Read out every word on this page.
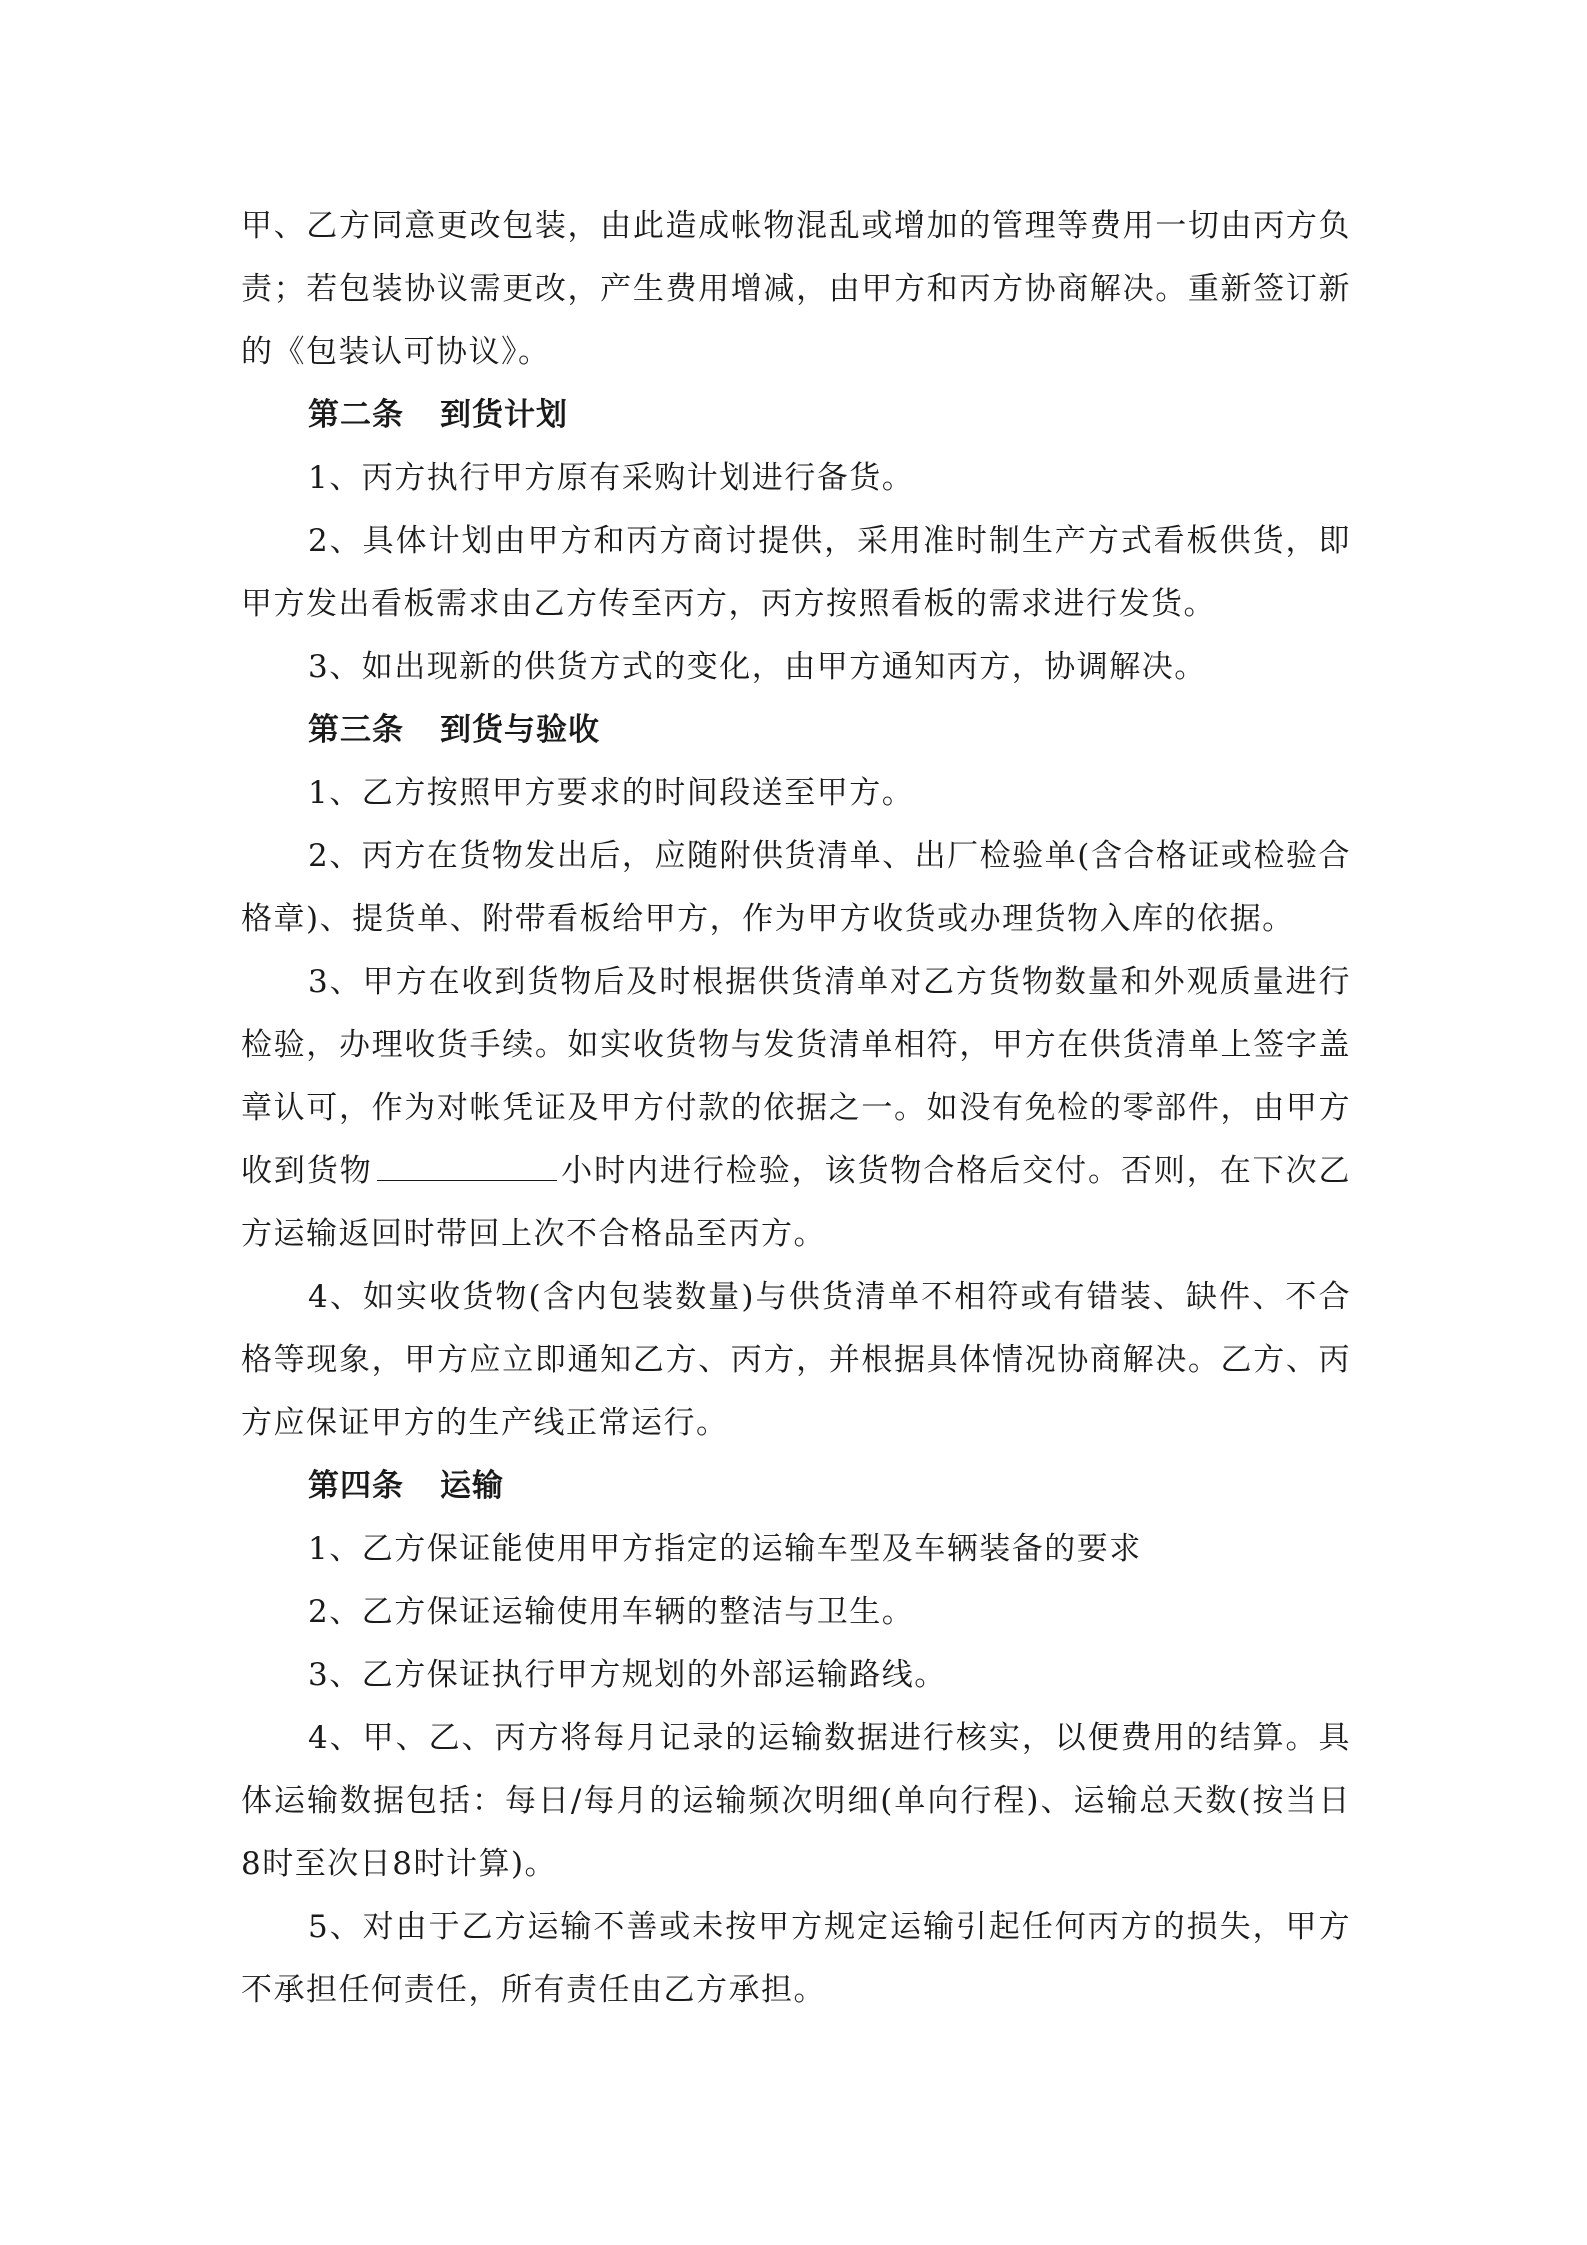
甲、乙方同意更改包装，由此造成帐物混乱或增加的管理等费用一切由丙方负责；若包装协议需更改，产生费用增减，由甲方和丙方协商解决。重新签订新的《包装认可协议》。

第二条 到货计划

1、丙方执行甲方原有采购计划进行备货。

2、具体计划由甲方和丙方商讨提供，采用准时制生产方式看板供货，即甲方发出看板需求由乙方传至丙方，丙方按照看板的需求进行发货。

3、如出现新的供货方式的变化，由甲方通知丙方，协调解决。

第三条 到货与验收

1、乙方按照甲方要求的时间段送至甲方。

2、丙方在货物发出后，应随附供货清单、出厂检验单(含合格证或检验合格章)、提货单、附带看板给甲方，作为甲方收货或办理货物入库的依据。

3、甲方在收到货物后及时根据供货清单对乙方货物数量和外观质量进行检验，办理收货手续。如实收货物与发货清单相符，甲方在供货清单上签字盖章认可，作为对帐凭证及甲方付款的依据之一。如没有免检的零部件，由甲方收到货物	小时内进行检验，该货物合格后交付。否则，在下次乙方运输返回时带回上次不合格品至丙方。

4、如实收货物(含内包装数量)与供货清单不相符或有错装、缺件、不合格等现象，甲方应立即通知乙方、丙方，并根据具体情况协商解决。乙方、丙方应保证甲方的生产线正常运行。

第四条 运输

1、乙方保证能使用甲方指定的运输车型及车辆装备的要求

2、乙方保证运输使用车辆的整洁与卫生。

3、乙方保证执行甲方规划的外部运输路线。

4、甲、乙、丙方将每月记录的运输数据进行核实，以便费用的结算。具体运输数据包括：每日/每月的运输频次明细(单向行程)、运输总天数(按当日8时至次日8时计算)。

5、对由于乙方运输不善或未按甲方规定运输引起任何丙方的损失，甲方不承担任何责任，所有责任由乙方承担。
